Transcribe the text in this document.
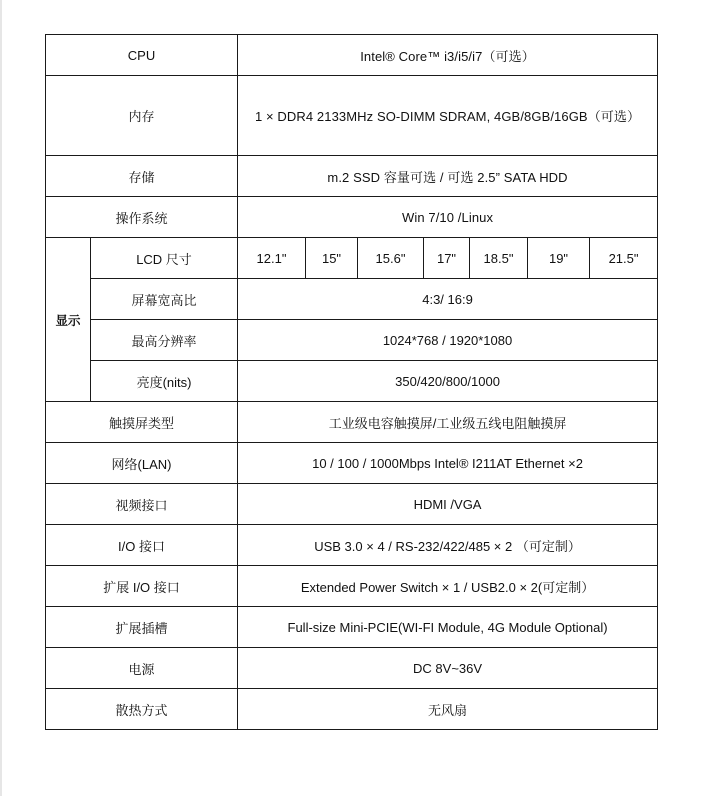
CPU		Intel® Core™ i3/i5/i7（可选）						
内存		1 × DDR4 2133MHz SO-DIMM SDRAM, 4GB/8GB/16GB（可选）						
存储		m.2 SSD 容量可选 / 可选 2.5” SATA HDD						
操作系统		Win 7/10 /Linux						
显示	LCD 尺寸	12.1"	15"	15.6"	17"	18.5"	19"	21.5"
	屏幕宽高比	4:3/ 16:9						
	最高分辨率	1024*768 / 1920*1080						
	亮度(nits)	350/420/800/1000						
触摸屏类型		工业级电容触摸屏/工业级五线电阻触摸屏						
网络(LAN)		10 / 100 / 1000Mbps Intel® I211AT Ethernet ×2						
视频接口		HDMI /VGA						
I/O 接口		USB 3.0 × 4 / RS-232/422/485 × 2 （可定制）						
扩展 I/O 接口		Extended Power Switch × 1 / USB2.0 × 2(可定制）						
扩展插槽		Full-size Mini-PCIE(WI-FI Module, 4G Module Optional)						
电源		DC 8V~36V						
散热方式		无风扇						
